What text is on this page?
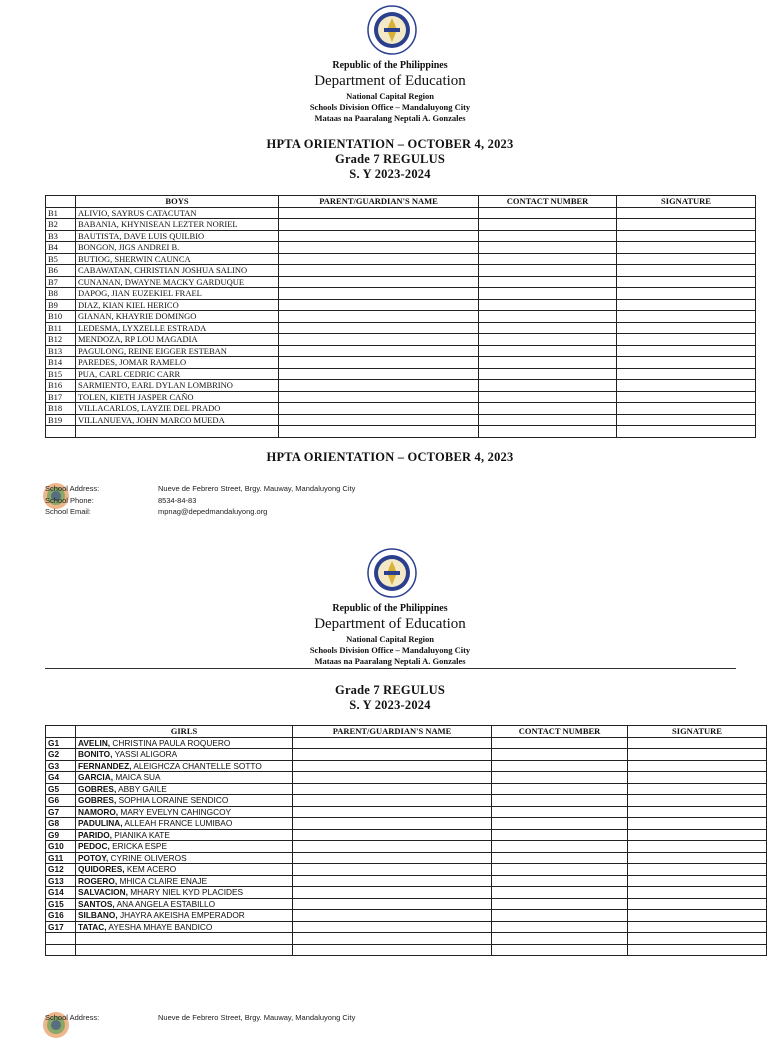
Republic of the Philippines
Department of Education
National Capital Region
Schools Division Office – Mandaluyong City
Mataas na Paaralang Neptali A. Gonzales
HPTA ORIENTATION – OCTOBER 4, 2023
Grade 7 REGULUS
S. Y 2023-2024
	BOYS	PARENT/GUARDIAN'S NAME	CONTACT NUMBER	SIGNATURE
B1	ALIVIO, SAYRUS CATACUTAN			
B2	BABANIA, KHYNISEAN LEZTER NORIEL			
B3	BAUTISTA, DAVE LUIS QUILBIO			
B4	BONGON, JIGS ANDREI B.			
B5	BUTIOG, SHERWIN CAUNCA			
B6	CABAWATAN, CHRISTIAN JOSHUA SALINO			
B7	CUNANAN, DWAYNE MACKY GARDUQUE			
B8	DAPOG, JIAN EUZEKIEL FRAEL			
B9	DIAZ, KIAN KIEL HERICO			
B10	GIANAN, KHAYRIE DOMINGO			
B11	LEDESMA, LYXZELLE ESTRADA			
B12	MENDOZA, RP LOU MAGADIA			
B13	PAGULONG, REINE EIGGER ESTEBAN			
B14	PAREDES, JOMAR RAMELO			
B15	PUA, CARL CEDRIC CARR			
B16	SARMIENTO, EARL DYLAN LOMBRINO			
B17	TOLEN, KIETH JASPER CAÑO			
B18	VILLACARLOS, LAYZIE DEL PRADO			
B19	VILLANUEVA, JOHN MARCO MUEDA			

HPTA ORIENTATION – OCTOBER 4, 2023
School Address:	Nueve de Febrero Street, Brgy. Mauway, Mandaluyong City
School Phone:	8534-84-83
School Email:	mpnag@depedmandaluyong.org
Republic of the Philippines
Department of Education
National Capital Region
Schools Division Office – Mandaluyong City
Mataas na Paaralang Neptali A. Gonzales
Grade 7 REGULUS
S. Y 2023-2024
	GIRLS	PARENT/GUARDIAN'S NAME	CONTACT NUMBER	SIGNATURE
G1	AVELIN, CHRISTINA PAULA ROQUERO			
G2	BONITO, YASSI ALIGORA			
G3	FERNANDEZ, ALEIGHCZA CHANTELLE SOTTO			
G4	GARCIA, MAICA SUA			
G5	GOBRES, ABBY GAILE			
G6	GOBRES, SOPHIA LORAINE SENDICO			
G7	NAMORO, MARY EVELYN CAHINGCOY			
G8	PADULINA, ALLEAH FRANCE LUMIBAO			
G9	PARIDO, PIANIKA KATE			
G10	PEDOC, ERICKA ESPE			
G11	POTOY, CYRINE OLIVEROS			
G12	QUIDORES, KEM ACERO			
G13	ROGERO, MHICA CLAIRE ENAJE			
G14	SALVACION, MHARY NIEL KYD PLACIDES			
G15	SANTOS, ANA ANGELA ESTABILLO			
G16	SILBANO, JHAYRA AKEISHA EMPERADOR			
G17	TATAC, AYESHA MHAYE BANDICO			

School Address:	Nueve de Febrero Street, Brgy. Mauway, Mandaluyong City
